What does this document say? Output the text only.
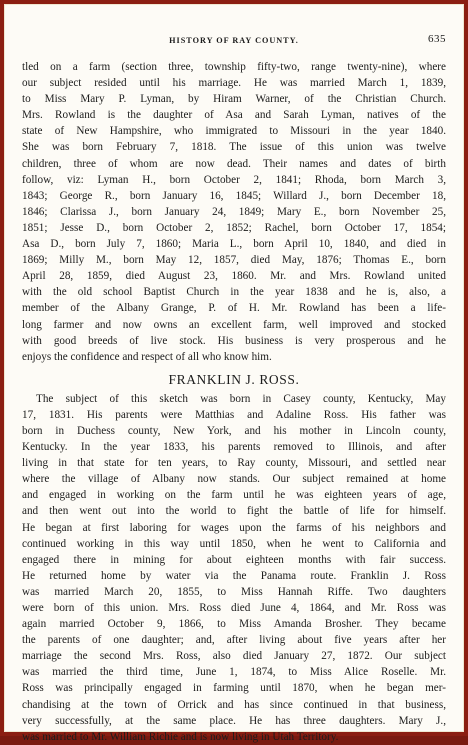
HISTORY OF RAY COUNTY.	635
tled on a farm (section three, township fifty-two, range twenty-nine), where
our subject resided until his marriage. He was married March 1, 1839,
to Miss Mary P. Lyman, by Hiram Warner, of the Christian Church.
Mrs. Rowland is the daughter of Asa and Sarah Lyman, natives of the
state of New Hampshire, who immigrated to Missouri in the year 1840.
She was born February 7, 1818. The issue of this union was twelve
children, three of whom are now dead. Their names and dates of birth
follow, viz: Lyman H., born October 2, 1841; Rhoda, born March 3,
1843; George R., born January 16, 1845; Willard J., born December 18,
1846; Clarissa J., born January 24, 1849; Mary E., born November 25,
1851; Jesse D., born October 2, 1852; Rachel, born October 17, 1854;
Asa D., born July 7, 1860; Maria L., born April 10, 1840, and died in
1869; Milly M., born May 12, 1857, died May, 1876; Thomas E., born
April 28, 1859, died August 23, 1860. Mr. and Mrs. Rowland united
with the old school Baptist Church in the year 1838 and he is, also, a
member of the Albany Grange, P. of H. Mr. Rowland has been a life-
long farmer and now owns an excellent farm, well improved and stocked
with good breeds of live stock. His business is very prosperous and he
enjoys the confidence and respect of all who know him.
FRANKLIN J. ROSS.
The subject of this sketch was born in Casey county, Kentucky, May
17, 1831. His parents were Matthias and Adaline Ross. His father was
born in Duchess county, New York, and his mother in Lincoln county,
Kentucky. In the year 1833, his parents removed to Illinois, and after
living in that state for ten years, to Ray county, Missouri, and settled near
where the village of Albany now stands. Our subject remained at home
and engaged in working on the farm until he was eighteen years of age,
and then went out into the world to fight the battle of life for himself.
He began at first laboring for wages upon the farms of his neighbors and
continued working in this way until 1850, when he went to California and
engaged there in mining for about eighteen months with fair success.
He returned home by water via the Panama route. Franklin J. Ross
was married March 20, 1855, to Miss Hannah Riffe. Two daughters
were born of this union. Mrs. Ross died June 4, 1864, and Mr. Ross was
again married October 9, 1866, to Miss Amanda Brosher. They became
the parents of one daughter; and, after living about five years after her
marriage the second Mrs. Ross, also died January 27, 1872. Our subject
was married the third time, June 1, 1874, to Miss Alice Roselle. Mr.
Ross was principally engaged in farming until 1870, when he began mer-
chandising at the town of Orrick and has since continued in that business,
very successfully, at the same place. He has three daughters. Mary J.,
was married to Mr. William Richie and is now living in Utah Territory.
